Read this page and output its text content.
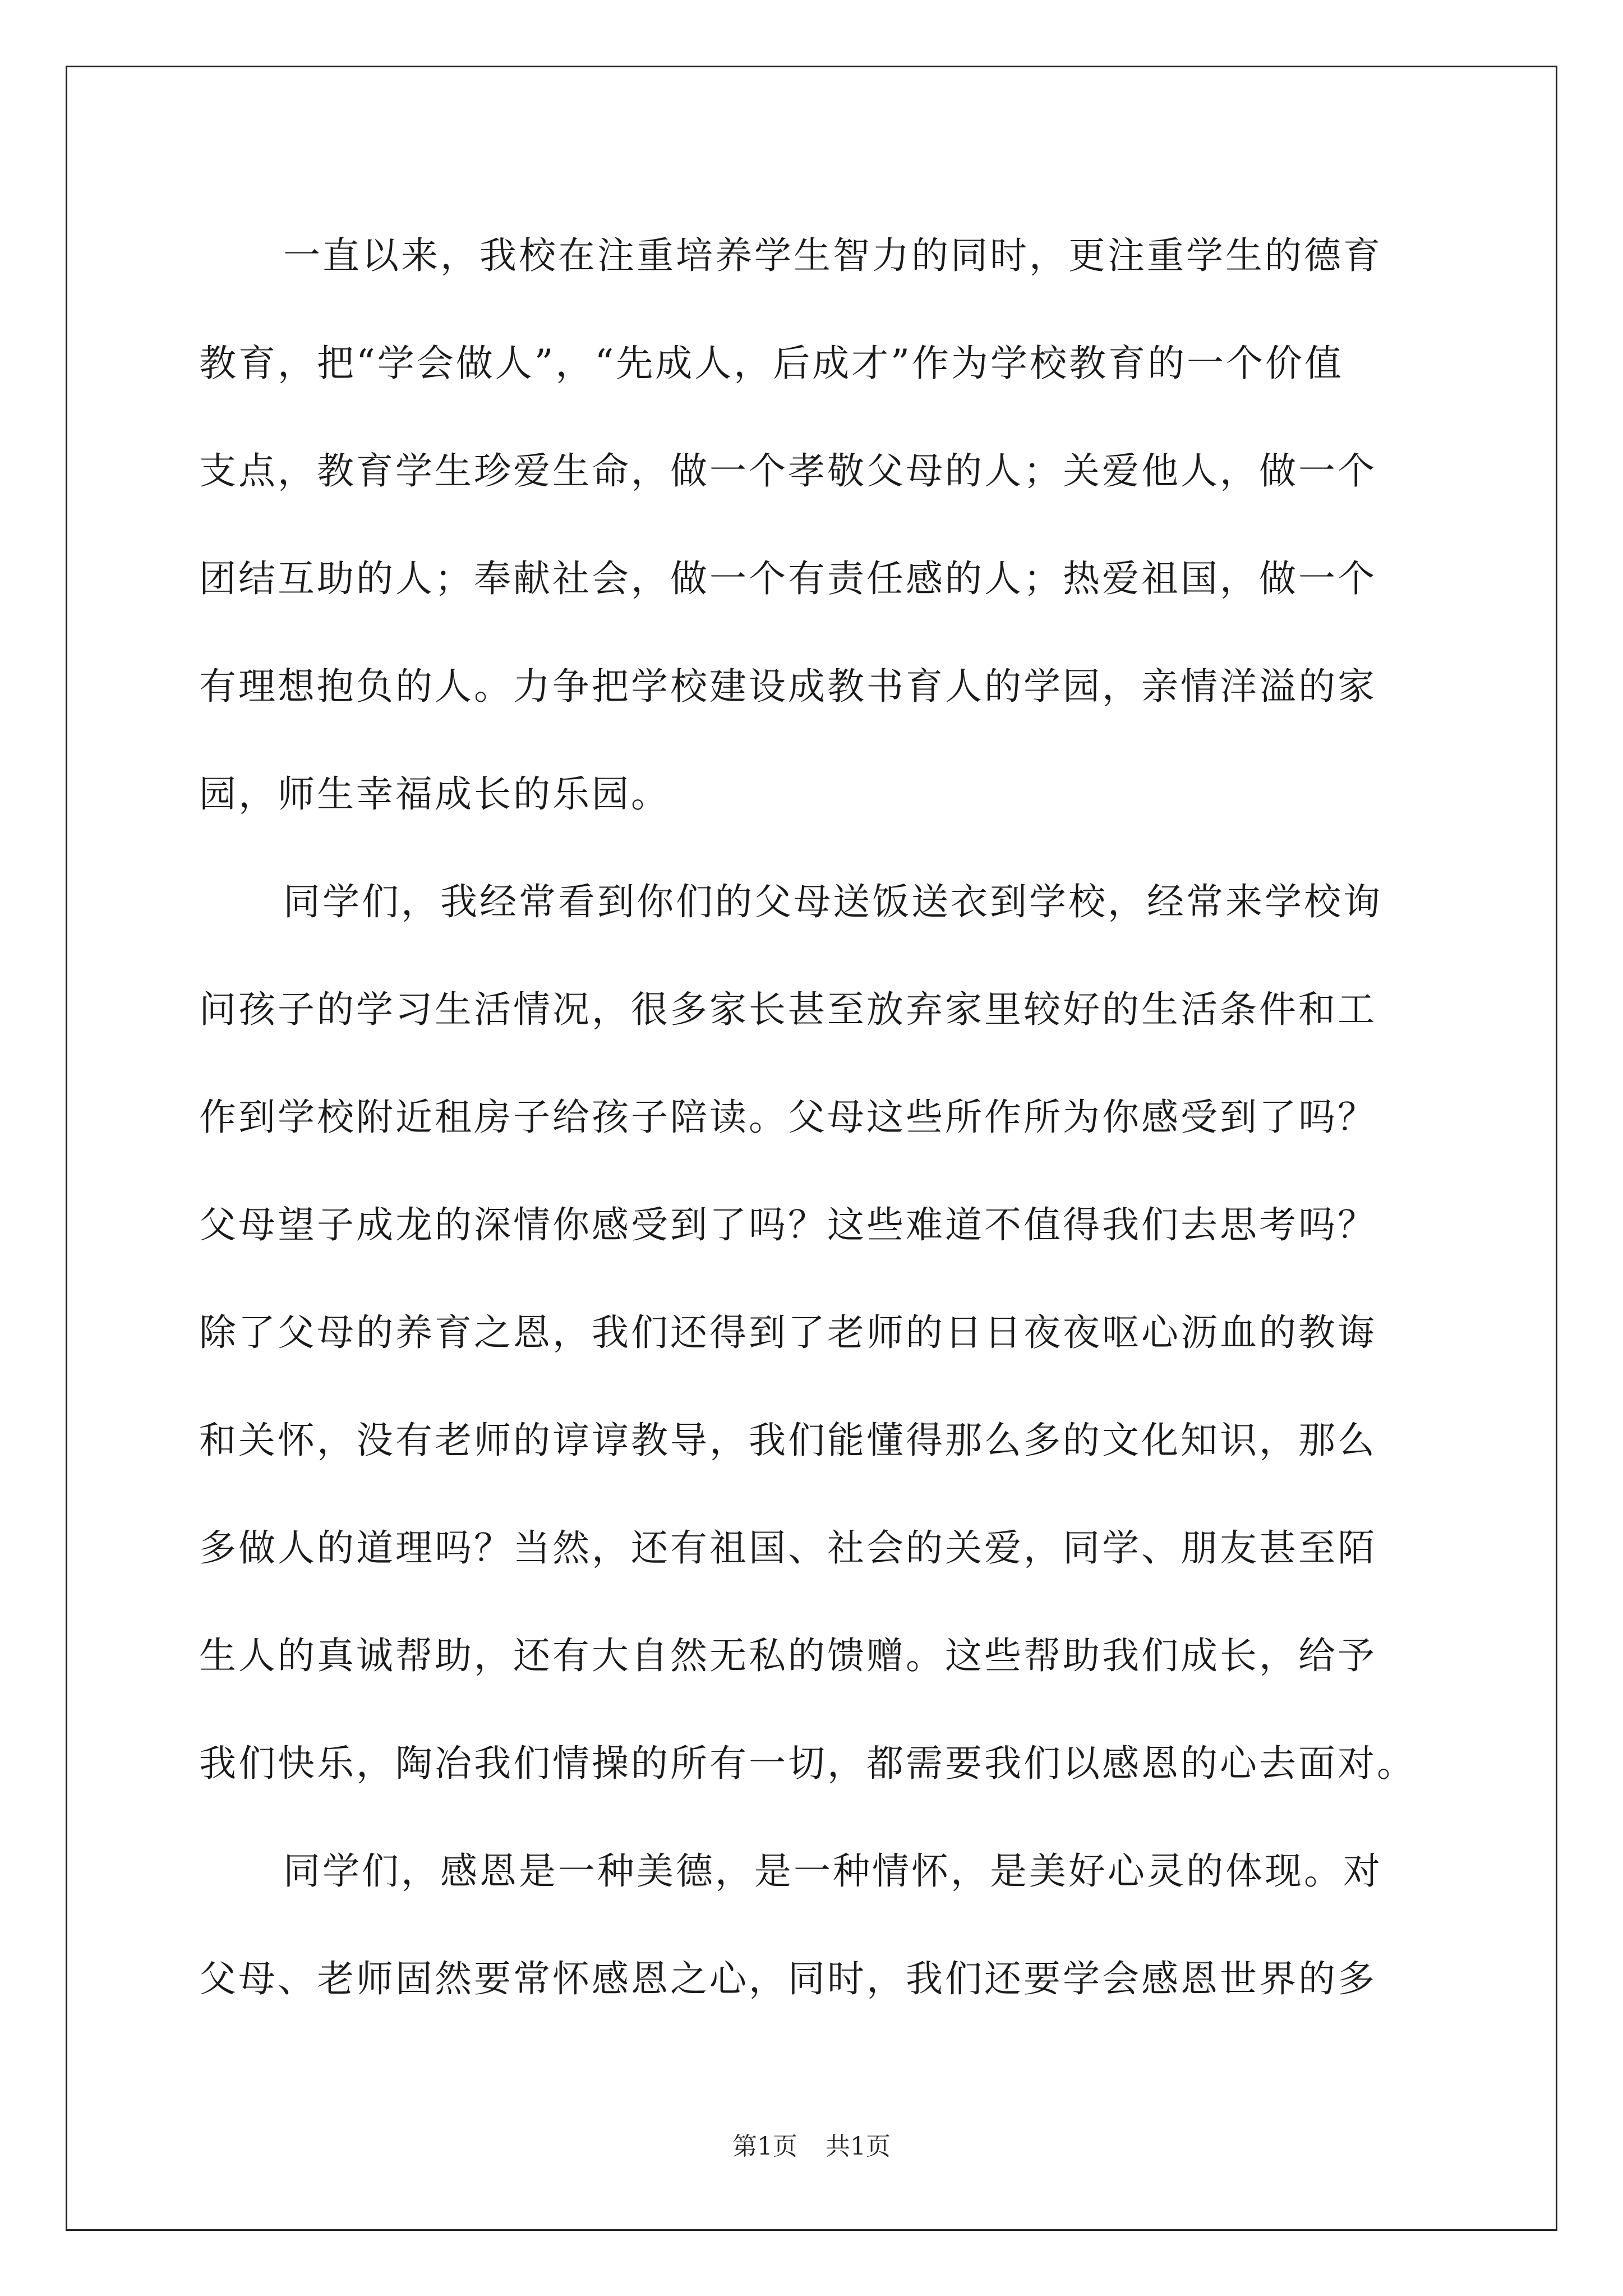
一直以来，我校在注重培养学生智力的同时，更注重学生的德育
教育，把“学会做人”，“先成人，后成才”作为学校教育的一个价值
支点，教育学生珍爱生命，做一个孝敬父母的人；关爱他人，做一个
团结互助的人；奉献社会，做一个有责任感的人；热爱祖国，做一个
有理想抱负的人。力争把学校建设成教书育人的学园，亲情洋溢的家
园，师生幸福成长的乐园。
同学们，我经常看到你们的父母送饭送衣到学校，经常来学校询
问孩子的学习生活情况，很多家长甚至放弃家里较好的生活条件和工
作到学校附近租房子给孩子陪读。父母这些所作所为你感受到了吗？
父母望子成龙的深情你感受到了吗？这些难道不值得我们去思考吗？
除了父母的养育之恩，我们还得到了老师的日日夜夜呕心沥血的教诲
和关怀，没有老师的谆谆教导，我们能懂得那么多的文化知识，那么
多做人的道理吗？当然，还有祖国、社会的关爱，同学、朋友甚至陌
生人的真诚帮助，还有大自然无私的馈赠。这些帮助我们成长，给予
我们快乐，陶冶我们情操的所有一切，都需要我们以感恩的心去面对。
同学们，感恩是一种美德，是一种情怀，是美好心灵的体现。对
父母、老师固然要常怀感恩之心，同时，我们还要学会感恩世界的多
第1页 共1页
